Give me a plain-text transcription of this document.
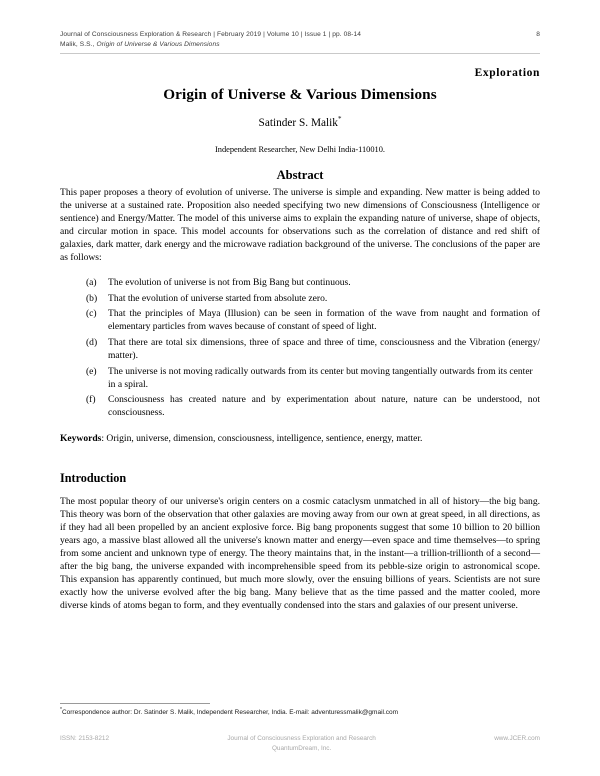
Journal of Consciousness Exploration & Research | February 2019 | Volume 10 | Issue 1 | pp. 08-14
Malik, S.S., Origin of Universe & Various Dimensions
8
Exploration
Origin of Universe & Various Dimensions
Satinder S. Malik*
Independent Researcher, New Delhi India-110010.
Abstract

This paper proposes a theory of evolution of universe. The universe is simple and expanding. New matter is being added to the universe at a sustained rate. Proposition also needed specifying two new dimensions of Consciousness (Intelligence or sentience) and Energy/Matter. The model of this universe aims to explain the expanding nature of universe, shape of objects, and circular motion in space. This model accounts for observations such as the correlation of distance and red shift of galaxies, dark matter, dark energy and the microwave radiation background of the universe. The conclusions of the paper are as follows:

(a)	The evolution of universe is not from Big Bang but continuous.
(b)	That the evolution of universe started from absolute zero.
(c)	That the principles of Maya (Illusion) can be seen in formation of the wave from naught and formation of elementary particles from waves because of constant of speed of light.
(d)	That there are total six dimensions, three of space and three of time, consciousness and the Vibration (energy/ matter).
(e)	The universe is not moving radically outwards from its center but moving tangentially outwards from its center in a spiral.
(f)	Consciousness has created nature and by experimentation about nature, nature can be understood, not consciousness.
Keywords: Origin, universe, dimension, consciousness, intelligence, sentience, energy, matter.
Introduction

The most popular theory of our universe's origin centers on a cosmic cataclysm unmatched in all of history—the big bang. This theory was born of the observation that other galaxies are moving away from our own at great speed, in all directions, as if they had all been propelled by an ancient explosive force. Big bang proponents suggest that some 10 billion to 20 billion years ago, a massive blast allowed all the universe's known matter and energy—even space and time themselves—to spring from some ancient and unknown type of energy. The theory maintains that, in the instant—a trillion-trillionth of a second—after the big bang, the universe expanded with incomprehensible speed from its pebble-size origin to astronomical scope. This expansion has apparently continued, but much more slowly, over the ensuing billions of years. Scientists are not sure exactly how the universe evolved after the big bang. Many believe that as the time passed and the matter cooled, more diverse kinds of atoms began to form, and they eventually condensed into the stars and galaxies of our present universe.

*Correspondence author: Dr. Satinder S. Malik, Independent Researcher, India. E-mail: adventuressmalik@gmail.com
ISSN: 2153-8212	Journal of Consciousness Exploration and Research
QuantumDream, Inc.
www.JCER.com
